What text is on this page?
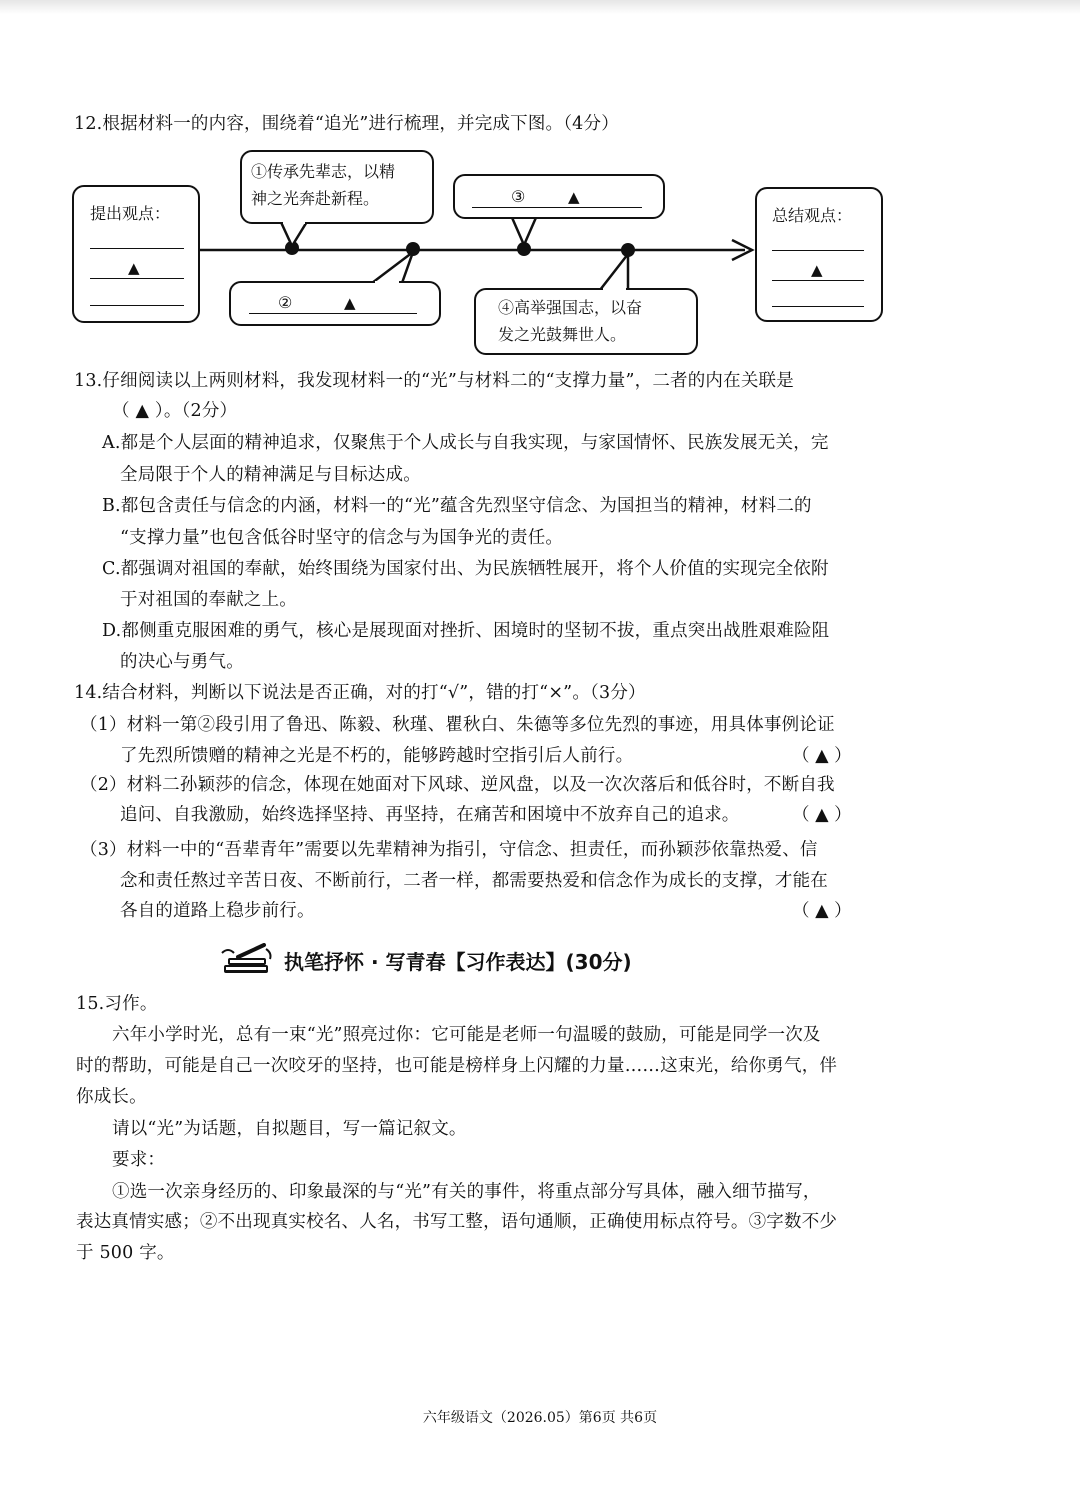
12.根据材料一的内容，围绕着“追光”进行梳理，并完成下图。（4分）
提出观点：
▲
总结观点：
▲
①传承先辈志，以精
神之光奔赴新程。
②	▲
③	▲
④高举强国志，以奋
发之光鼓舞世人。
13.仔细阅读以上两则材料，我发现材料一的“光”与材料二的“支撑力量”，二者的内在关联是
（ ▲ ）。（2分）
A.都是个人层面的精神追求，仅聚焦于个人成长与自我实现，与家国情怀、民族发展无关，完
全局限于个人的精神满足与目标达成。
B.都包含责任与信念的内涵，材料一的“光”蕴含先烈坚守信念、为国担当的精神，材料二的
“支撑力量”也包含低谷时坚守的信念与为国争光的责任。
C.都强调对祖国的奉献，始终围绕为国家付出、为民族牺牲展开，将个人价值的实现完全依附
于对祖国的奉献之上。
D.都侧重克服困难的勇气，核心是展现面对挫折、困境时的坚韧不拔，重点突出战胜艰难险阻
的决心与勇气。
14.结合材料，判断以下说法是否正确，对的打“√”，错的打“×”。（3分）
（1）材料一第②段引用了鲁迅、陈毅、秋瑾、瞿秋白、朱德等多位先烈的事迹，用具体事例论证
了先烈所馈赠的精神之光是不朽的，能够跨越时空指引后人前行。	（ ▲ ）
（2）材料二孙颖莎的信念，体现在她面对下风球、逆风盘，以及一次次落后和低谷时，不断自我
追问、自我激励，始终选择坚持、再坚持，在痛苦和困境中不放弃自己的追求。	（ ▲ ）
（3）材料一中的“吾辈青年”需要以先辈精神为指引，守信念、担责任，而孙颖莎依靠热爱、信
念和责任熬过辛苦日夜、不断前行，二者一样，都需要热爱和信念作为成长的支撑，才能在
各自的道路上稳步前行。	（ ▲ ）
执笔抒怀 · 写青春【习作表达】(30分)
15.习作。
六年小学时光，总有一束“光”照亮过你：它可能是老师一句温暖的鼓励，可能是同学一次及
时的帮助，可能是自己一次咬牙的坚持，也可能是榜样身上闪耀的力量……这束光，给你勇气，伴
你成长。
请以“光”为话题，自拟题目，写一篇记叙文。
要求：
①选一次亲身经历的、印象最深的与“光”有关的事件，将重点部分写具体，融入细节描写，
表达真情实感；②不出现真实校名、人名，书写工整，语句通顺，正确使用标点符号。③字数不少
于 500 字。
六年级语文（2026.05）第6页 共6页
